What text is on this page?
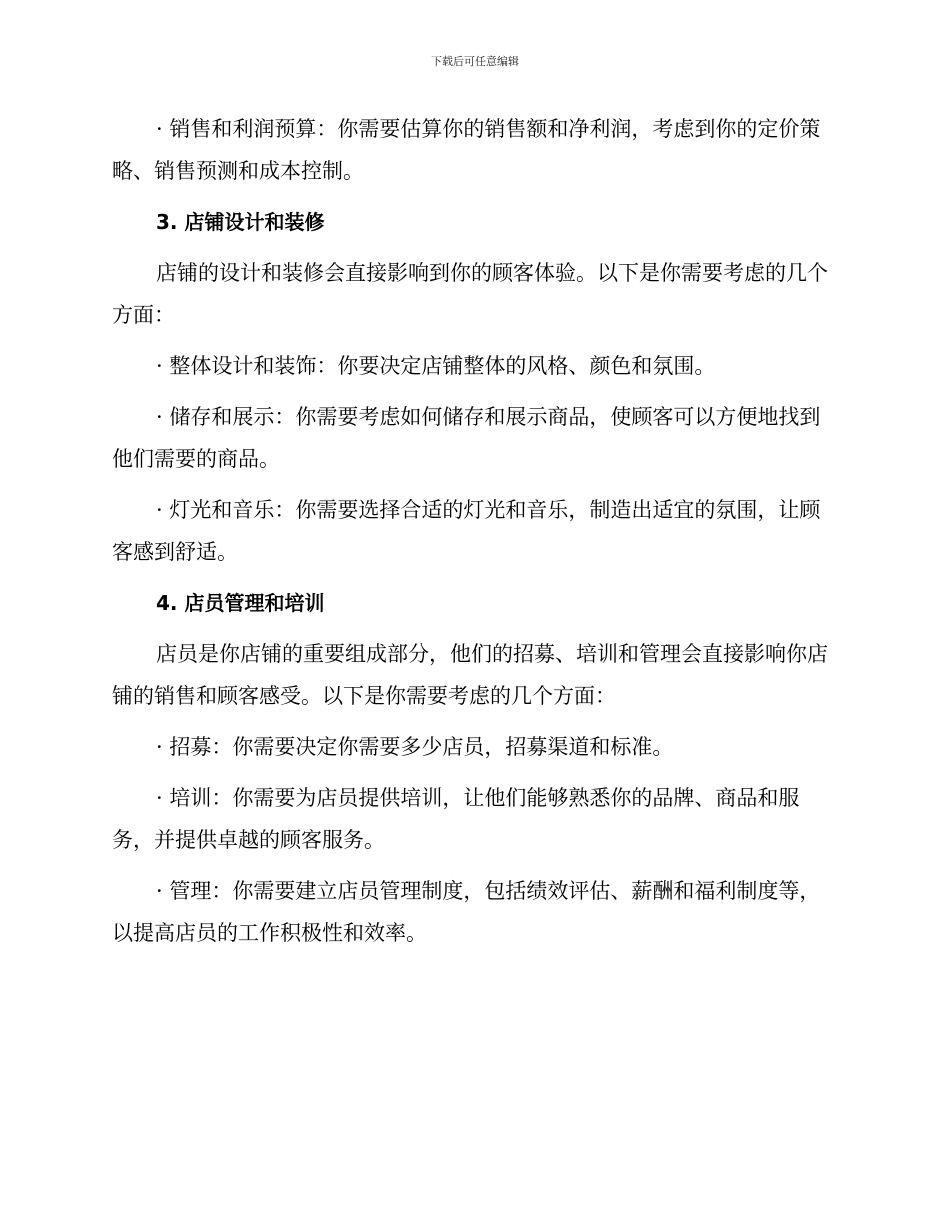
下载后可任意编辑

· 销售和利润预算：你需要估算你的销售额和净利润，考虑到你的定价策略、销售预测和成本控制。

3. 店铺设计和装修

店铺的设计和装修会直接影响到你的顾客体验。以下是你需要考虑的几个方面：

· 整体设计和装饰：你要决定店铺整体的风格、颜色和氛围。

· 储存和展示：你需要考虑如何储存和展示商品，使顾客可以方便地找到他们需要的商品。

· 灯光和音乐：你需要选择合适的灯光和音乐，制造出适宜的氛围，让顾客感到舒适。

4. 店员管理和培训

店员是你店铺的重要组成部分，他们的招募、培训和管理会直接影响你店铺的销售和顾客感受。以下是你需要考虑的几个方面：

· 招募：你需要决定你需要多少店员，招募渠道和标准。

· 培训：你需要为店员提供培训，让他们能够熟悉你的品牌、商品和服务，并提供卓越的顾客服务。

· 管理：你需要建立店员管理制度，包括绩效评估、薪酬和福利制度等，以提高店员的工作积极性和效率。
